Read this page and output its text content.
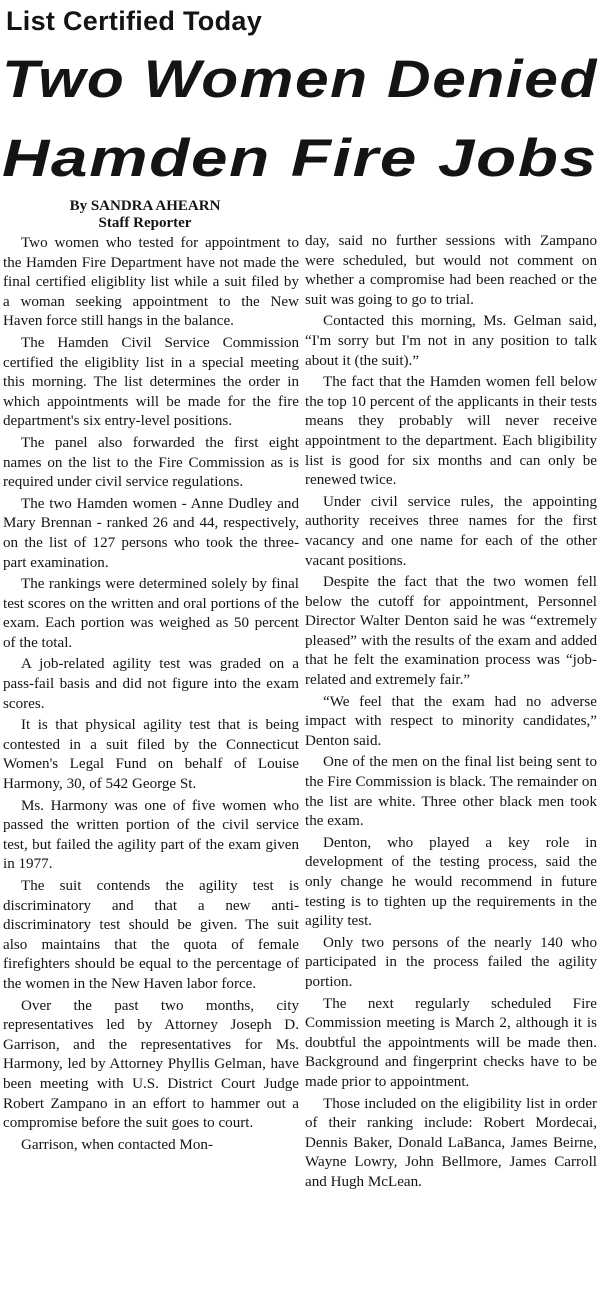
List Certified Today
Two Women Denied
Hamden Fire Jobs
By SANDRA AHEARN
Staff Reporter

Two women who tested for appointment to the Hamden Fire Department have not made the final certified eligiblity list while a suit filed by a woman seeking appointment to the New Haven force still hangs in the balance.

The Hamden Civil Service Commission certified the eligiblity list in a special meeting this morning. The list determines the order in which appointments will be made for the fire department's six entry-level positions.

The panel also forwarded the first eight names on the list to the Fire Commission as is required under civil service regulations.

The two Hamden women - Anne Dudley and Mary Brennan - ranked 26 and 44, respectively, on the list of 127 persons who took the three-part examination.

The rankings were determined solely by final test scores on the written and oral portions of the exam. Each portion was weighed as 50 percent of the total.

A job-related agility test was graded on a pass-fail basis and did not figure into the exam scores.

It is that physical agility test that is being contested in a suit filed by the Connecticut Women's Legal Fund on behalf of Louise Harmony, 30, of 542 George St.

Ms. Harmony was one of five women who passed the written portion of the civil service test, but failed the agility part of the exam given in 1977.

The suit contends the agility test is discriminatory and that a new anti-discriminatory test should be given. The suit also maintains that the quota of female firefighters should be equal to the percentage of the women in the New Haven labor force.

Over the past two months, city representatives led by Attorney Joseph D. Garrison, and the representatives for Ms. Harmony, led by Attorney Phyllis Gelman, have been meeting with U.S. District Court Judge Robert Zampano in an effort to hammer out a compromise before the suit goes to court.

Garrison, when contacted Mon-

day, said no further sessions with Zampano were scheduled, but would not comment on whether a compromise had been reached or the suit was going to go to trial.

Contacted this morning, Ms. Gelman said, “I'm sorry but I'm not in any position to talk about it (the suit).”

The fact that the Hamden women fell below the top 10 percent of the applicants in their tests means they probably will never receive appointment to the department. Each bligibility list is good for six months and can only be renewed twice.

Under civil service rules, the appointing authority receives three names for the first vacancy and one name for each of the other vacant positions.

Despite the fact that the two women fell below the cutoff for appointment, Personnel Director Walter Denton said he was “extremely pleased” with the results of the exam and added that he felt the examination process was “job-related and extremely fair.”

“We feel that the exam had no adverse impact with respect to minority candidates,” Denton said.

One of the men on the final list being sent to the Fire Commission is black. The remainder on the list are white. Three other black men took the exam.

Denton, who played a key role in development of the testing process, said the only change he would recommend in future testing is to tighten up the requirements in the agility test.

Only two persons of the nearly 140 who participated in the process failed the agility portion.

The next regularly scheduled Fire Commission meeting is March 2, although it is doubtful the appointments will be made then. Background and fingerprint checks have to be made prior to appointment.

Those included on the eligibility list in order of their ranking include: Robert Mordecai, Dennis Baker, Donald LaBanca, James Beirne, Wayne Lowry, John Bellmore, James Carroll and Hugh McLean.
